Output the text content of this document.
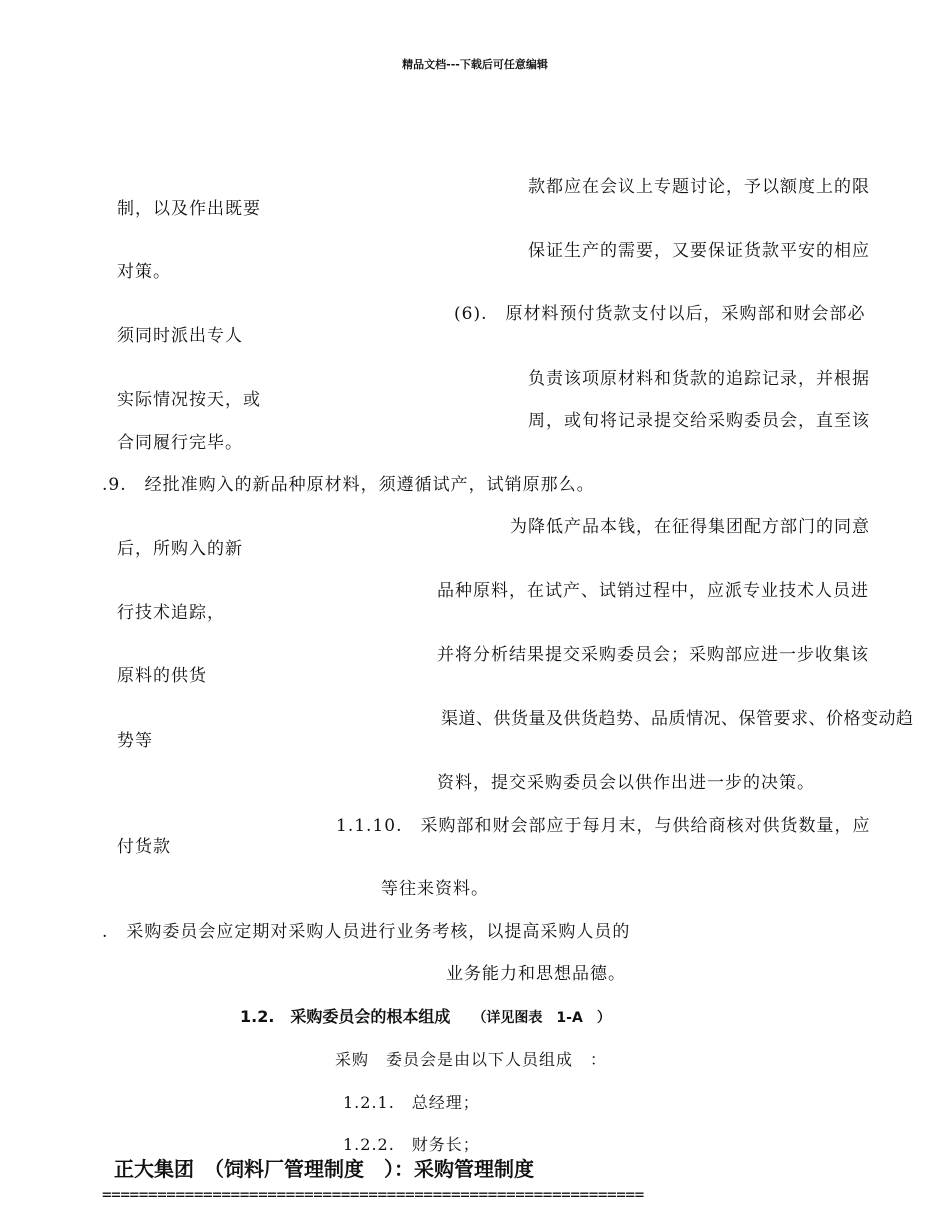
精品文档---下载后可任意编辑
款都应在会议上专题讨论，予以额度上的限
制，以及作出既要
保证生产的需要，又要保证货款平安的相应
对策。
(6).　原材料预付货款支付以后，采购部和财会部必
须同时派出专人
负责该项原材料和货款的追踪记录，并根据
实际情况按天，或
周，或旬将记录提交给采购委员会，直至该
合同履行完毕。
.9.　经批准购入的新品种原材料，须遵循试产，试销原那么。
为降低产品本钱，在征得集团配方部门的同意
后，所购入的新
品种原料，在试产、试销过程中，应派专业技术人员进
行技术追踪，
并将分析结果提交采购委员会；采购部应进一步收集该
原料的供货
渠道、供货量及供货趋势、品质情况、保管要求、价格变动趋
势等
资料，提交采购委员会以供作出进一步的决策。
1.1.10.　采购部和财会部应于每月末，与供给商核对供货数量，应
付货款
等往来资料。
.　采购委员会应定期对采购人员进行业务考核，以提高采购人员的
业务能力和思想品德。
1.2.　采购委员会的根本组成 （详见图表　1-A　）
采购　委员会是由以下人员组成　：
1.2.1.　总经理；
1.2.2.　财务长；
正大集团　（饲料厂管理制度　）：采购管理制度
===========================================================
